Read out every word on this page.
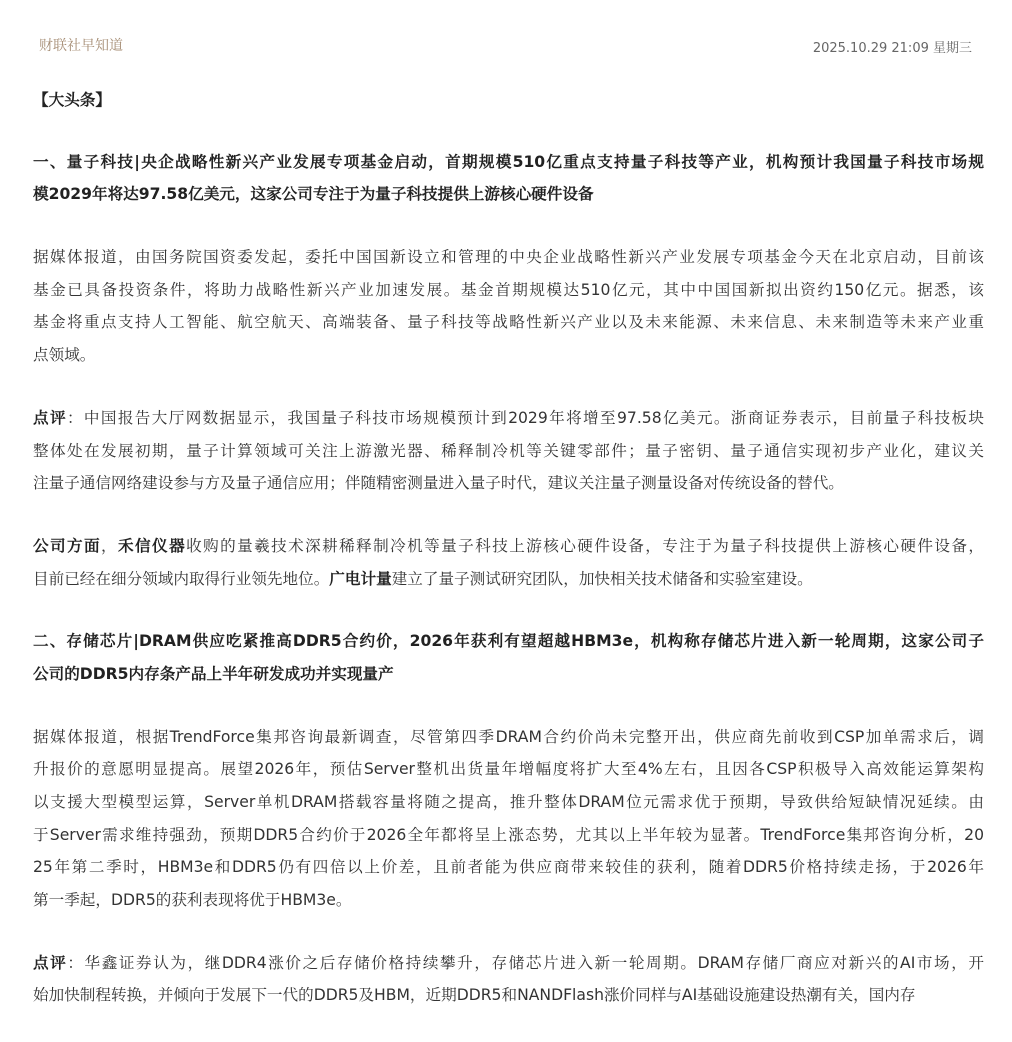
财联社早知道	2025.10.29 21:09 星期三
【大头条】
一、量子科技|央企战略性新兴产业发展专项基金启动，首期规模510亿重点支持量子科技等产业，机构预计我国量子科技市场规
模2029年将达97.58亿美元，这家公司专注于为量子科技提供上游核心硬件设备
据媒体报道，由国务院国资委发起，委托中国国新设立和管理的中央企业战略性新兴产业发展专项基金今天在北京启动，目前该
基金已具备投资条件，将助力战略性新兴产业加速发展。基金首期规模达510亿元，其中中国国新拟出资约150亿元。据悉，该
基金将重点支持人工智能、航空航天、高端装备、量子科技等战略性新兴产业以及未来能源、未来信息、未来制造等未来产业重
点领域。
点评：中国报告大厅网数据显示，我国量子科技市场规模预计到2029年将增至97.58亿美元。浙商证券表示，目前量子科技板块
整体处在发展初期，量子计算领域可关注上游激光器、稀释制冷机等关键零部件；量子密钥、量子通信实现初步产业化，建议关
注量子通信网络建设参与方及量子通信应用；伴随精密测量进入量子时代，建议关注量子测量设备对传统设备的替代。
公司方面，禾信仪器收购的量羲技术深耕稀释制冷机等量子科技上游核心硬件设备，专注于为量子科技提供上游核心硬件设备，
目前已经在细分领域内取得行业领先地位。广电计量建立了量子测试研究团队，加快相关技术储备和实验室建设。
二、存储芯片|DRAM供应吃紧推高DDR5合约价，2026年获利有望超越HBM3e，机构称存储芯片进入新一轮周期，这家公司子
公司的DDR5内存条产品上半年研发成功并实现量产
据媒体报道，根据TrendForce集邦咨询最新调查，尽管第四季DRAM合约价尚未完整开出，供应商先前收到CSP加单需求后，调
升报价的意愿明显提高。展望2026年，预估Server整机出货量年增幅度将扩大至4%左右，且因各CSP积极导入高效能运算架构
以支援大型模型运算，Server单机DRAM搭载容量将随之提高，推升整体DRAM位元需求优于预期，导致供给短缺情况延续。由
于Server需求维持强劲，预期DDR5合约价于2026全年都将呈上涨态势，尤其以上半年较为显著。TrendForce集邦咨询分析，20
25年第二季时，HBM3e和DDR5仍有四倍以上价差，且前者能为供应商带来较佳的获利，随着DDR5价格持续走扬，于2026年
第一季起，DDR5的获利表现将优于HBM3e。
点评：华鑫证券认为，继DDR4涨价之后存储价格持续攀升，存储芯片进入新一轮周期。DRAM存储厂商应对新兴的AI市场，开
始加快制程转换，并倾向于发展下一代的DDR5及HBM，近期DDR5和NANDFlash涨价同样与AI基础设施建设热潮有关，国内存
